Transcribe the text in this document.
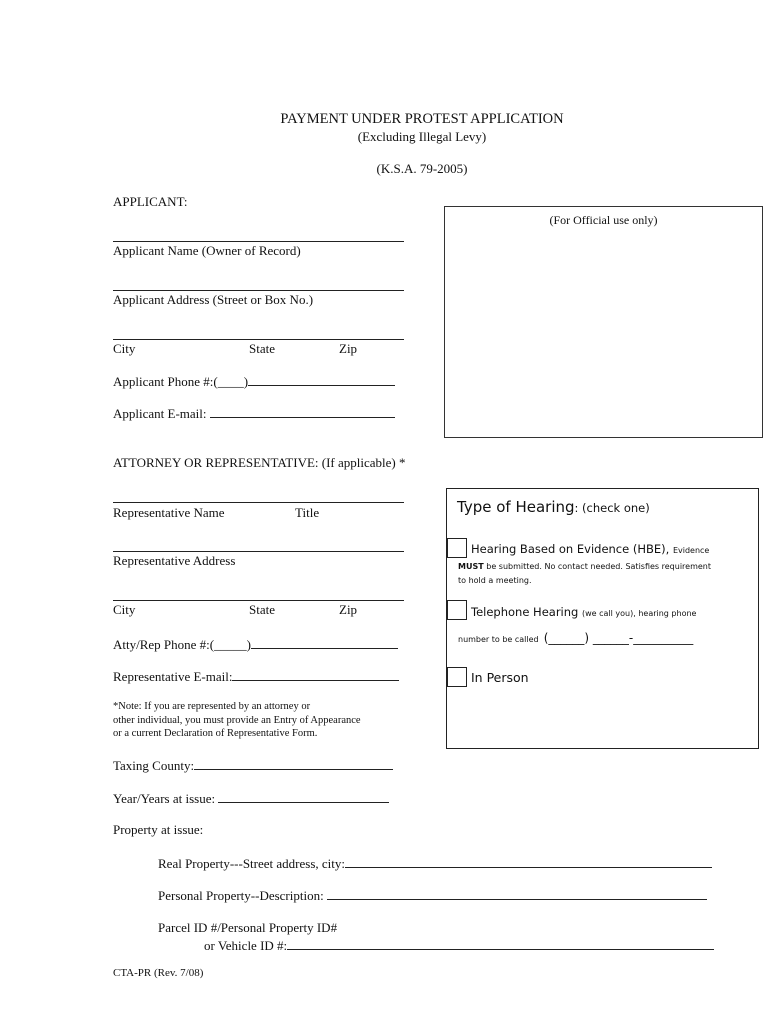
PAYMENT UNDER PROTEST APPLICATION
(Excluding Illegal Levy)
(K.S.A. 79-2005)
APPLICANT:
Applicant Name (Owner of Record)
Applicant Address (Street or Box No.)
City	State	Zip
Applicant Phone #:(____)
Applicant E-mail:
(For Official use only)
ATTORNEY OR REPRESENTATIVE: (If applicable) *
Representative Name	Title
Representative Address
City	State	Zip
Atty/Rep Phone #:(_____)
Representative E-mail:
*Note: If you are represented by an attorney or
other individual, you must provide an Entry of Appearance
or a current Declaration of Representative Form.
Type of Hearing: (check one)
Hearing Based on Evidence (HBE), Evidence
MUST be submitted. No contact needed. Satisfies requirement
to hold a meeting.
Telephone Hearing (we call you), hearing phone
number to be called (______) ______-__________
In Person
Taxing County:
Year/Years at issue:
Property at issue:
Real Property---Street address, city:
Personal Property--Description:
Parcel ID #/Personal Property ID#
or Vehicle ID #:
CTA-PR (Rev. 7/08)
